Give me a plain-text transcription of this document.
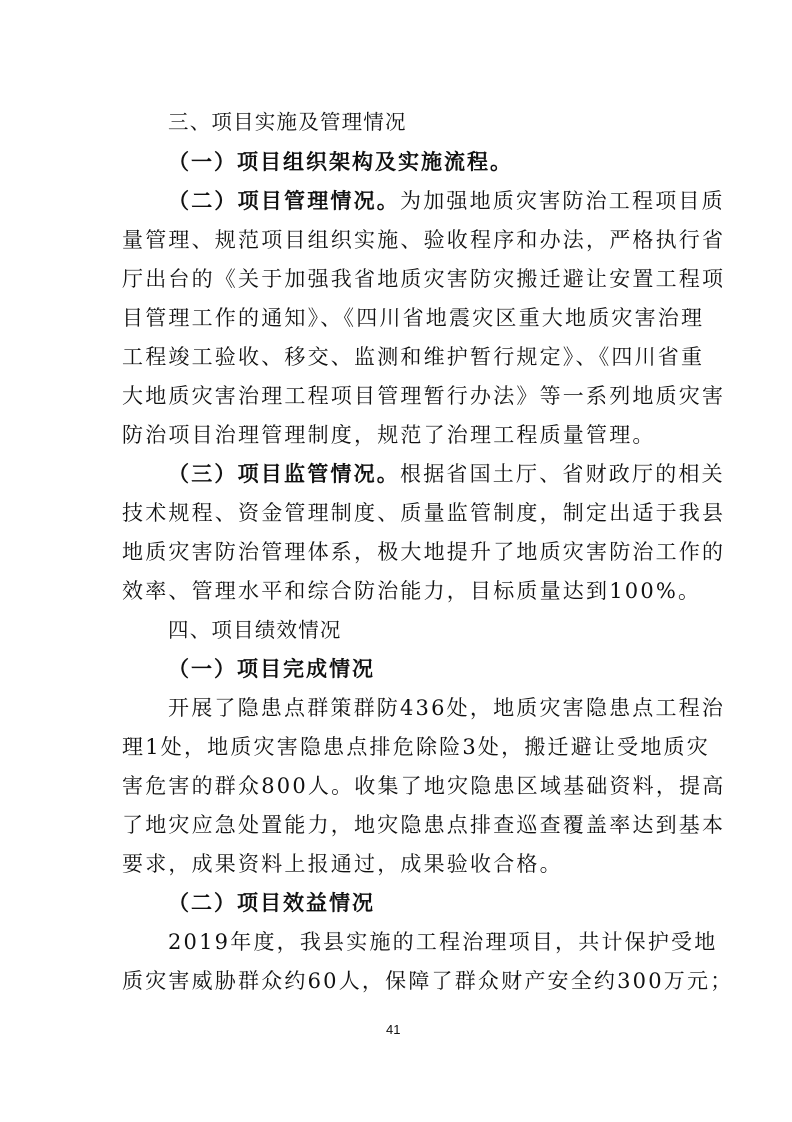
三、项目实施及管理情况
（一）项目组织架构及实施流程。
（二）项目管理情况。为加强地质灾害防治工程项目质
量管理、规范项目组织实施、验收程序和办法，严格执行省
厅出台的《关于加强我省地质灾害防灾搬迁避让安置工程项
目管理工作的通知》、《四川省地震灾区重大地质灾害治理
工程竣工验收、移交、监测和维护暂行规定》、《四川省重
大地质灾害治理工程项目管理暂行办法》等一系列地质灾害
防治项目治理管理制度，规范了治理工程质量管理。
（三）项目监管情况。根据省国土厅、省财政厅的相关
技术规程、资金管理制度、质量监管制度，制定出适于我县
地质灾害防治管理体系，极大地提升了地质灾害防治工作的
效率、管理水平和综合防治能力，目标质量达到100%。
四、项目绩效情况
（一）项目完成情况
开展了隐患点群策群防436处，地质灾害隐患点工程治
理1处，地质灾害隐患点排危除险3处，搬迁避让受地质灾
害危害的群众800人。收集了地灾隐患区域基础资料，提高
了地灾应急处置能力，地灾隐患点排查巡查覆盖率达到基本
要求，成果资料上报通过，成果验收合格。
（二）项目效益情况
2019年度，我县实施的工程治理项目，共计保护受地
质灾害威胁群众约60人，保障了群众财产安全约300万元；
41
